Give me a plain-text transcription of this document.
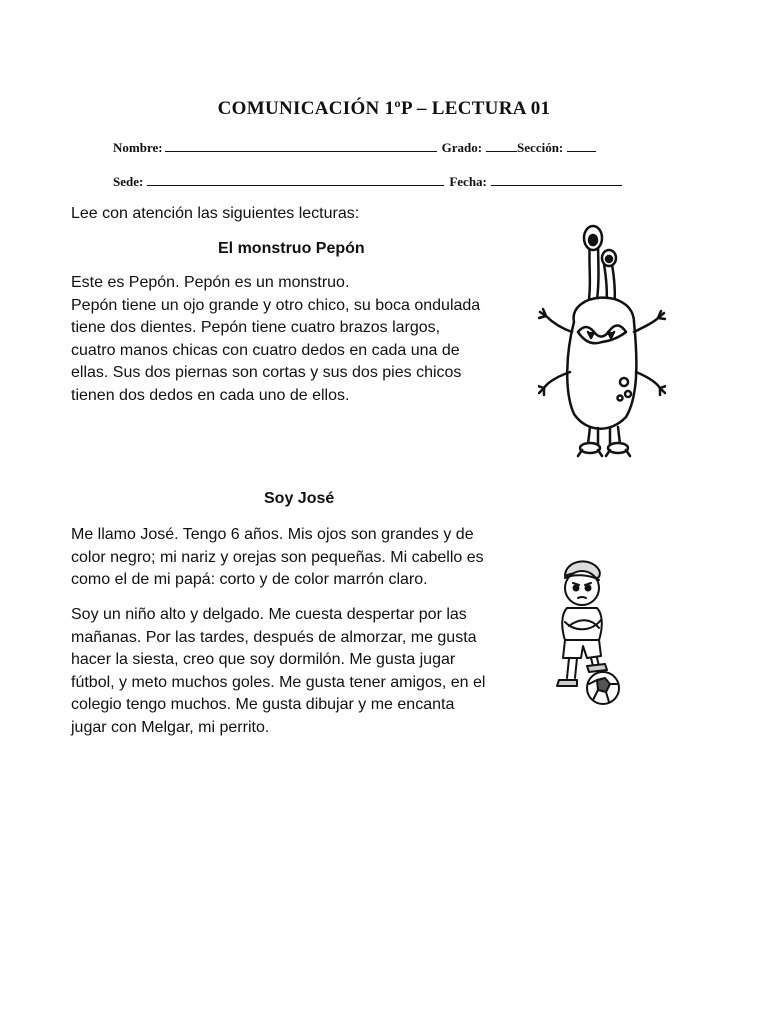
COMUNICACIÓN 1ºP – LECTURA 01
Nombre:	Grado:	Sección:
Sede:	Fecha:
Lee con atención las siguientes lecturas:
El monstruo Pepón
Este es Pepón. Pepón es un monstruo.
Pepón tiene un ojo grande y otro chico, su boca ondulada
tiene dos dientes. Pepón tiene cuatro brazos largos,
cuatro manos chicas con cuatro dedos en cada una de
ellas. Sus dos piernas son cortas y sus dos pies chicos
tienen dos dedos en cada uno de ellos.
Soy José
Me llamo José. Tengo 6 años. Mis ojos son grandes y de
color negro; mi nariz y orejas son pequeñas. Mi cabello es
como el de mi papá: corto y de color marrón claro.
Soy un niño alto y delgado. Me cuesta despertar por las
mañanas. Por las tardes, después de almorzar, me gusta
hacer la siesta, creo que soy dormilón. Me gusta jugar
fútbol, y meto muchos goles. Me gusta tener amigos, en el
colegio tengo muchos. Me gusta dibujar y me encanta
jugar con Melgar, mi perrito.
